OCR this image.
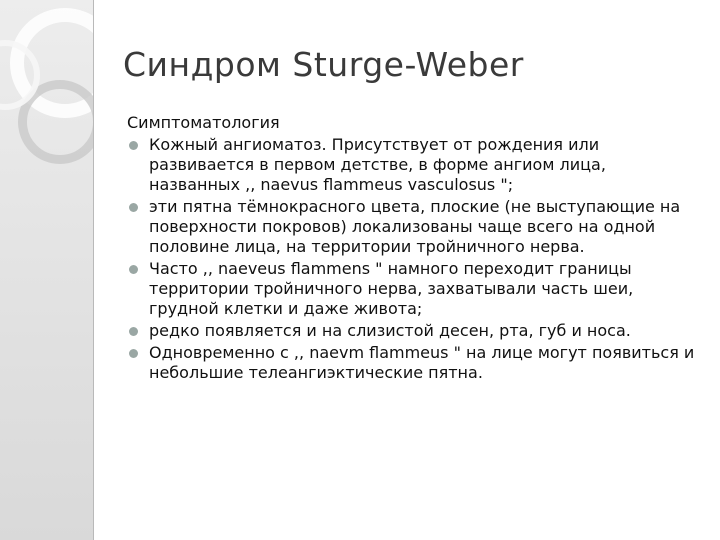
Синдром Sturge-Weber
Симптоматология
Кожный ангиоматоз. Присутствует от рождения или развивается в первом детстве, в форме ангиом лица, названных ,, naevus flammeus vasculosus ";
эти пятна тёмнокрасного цвета, плоские (не выступающие на поверхности покровов) локализованы чаще всего на одной половине лица, на территории тройничного нерва.
Часто ,, naeveus flammens " намного переходит границы территории тройничного нерва, захватывали часть шеи, грудной клетки и даже живота;
редко появляется и на слизистой десен, рта, губ и носа.
Одновременно с ,, naevm flammeus " на лице могут появиться и небольшие телеангиэктические пятна.
